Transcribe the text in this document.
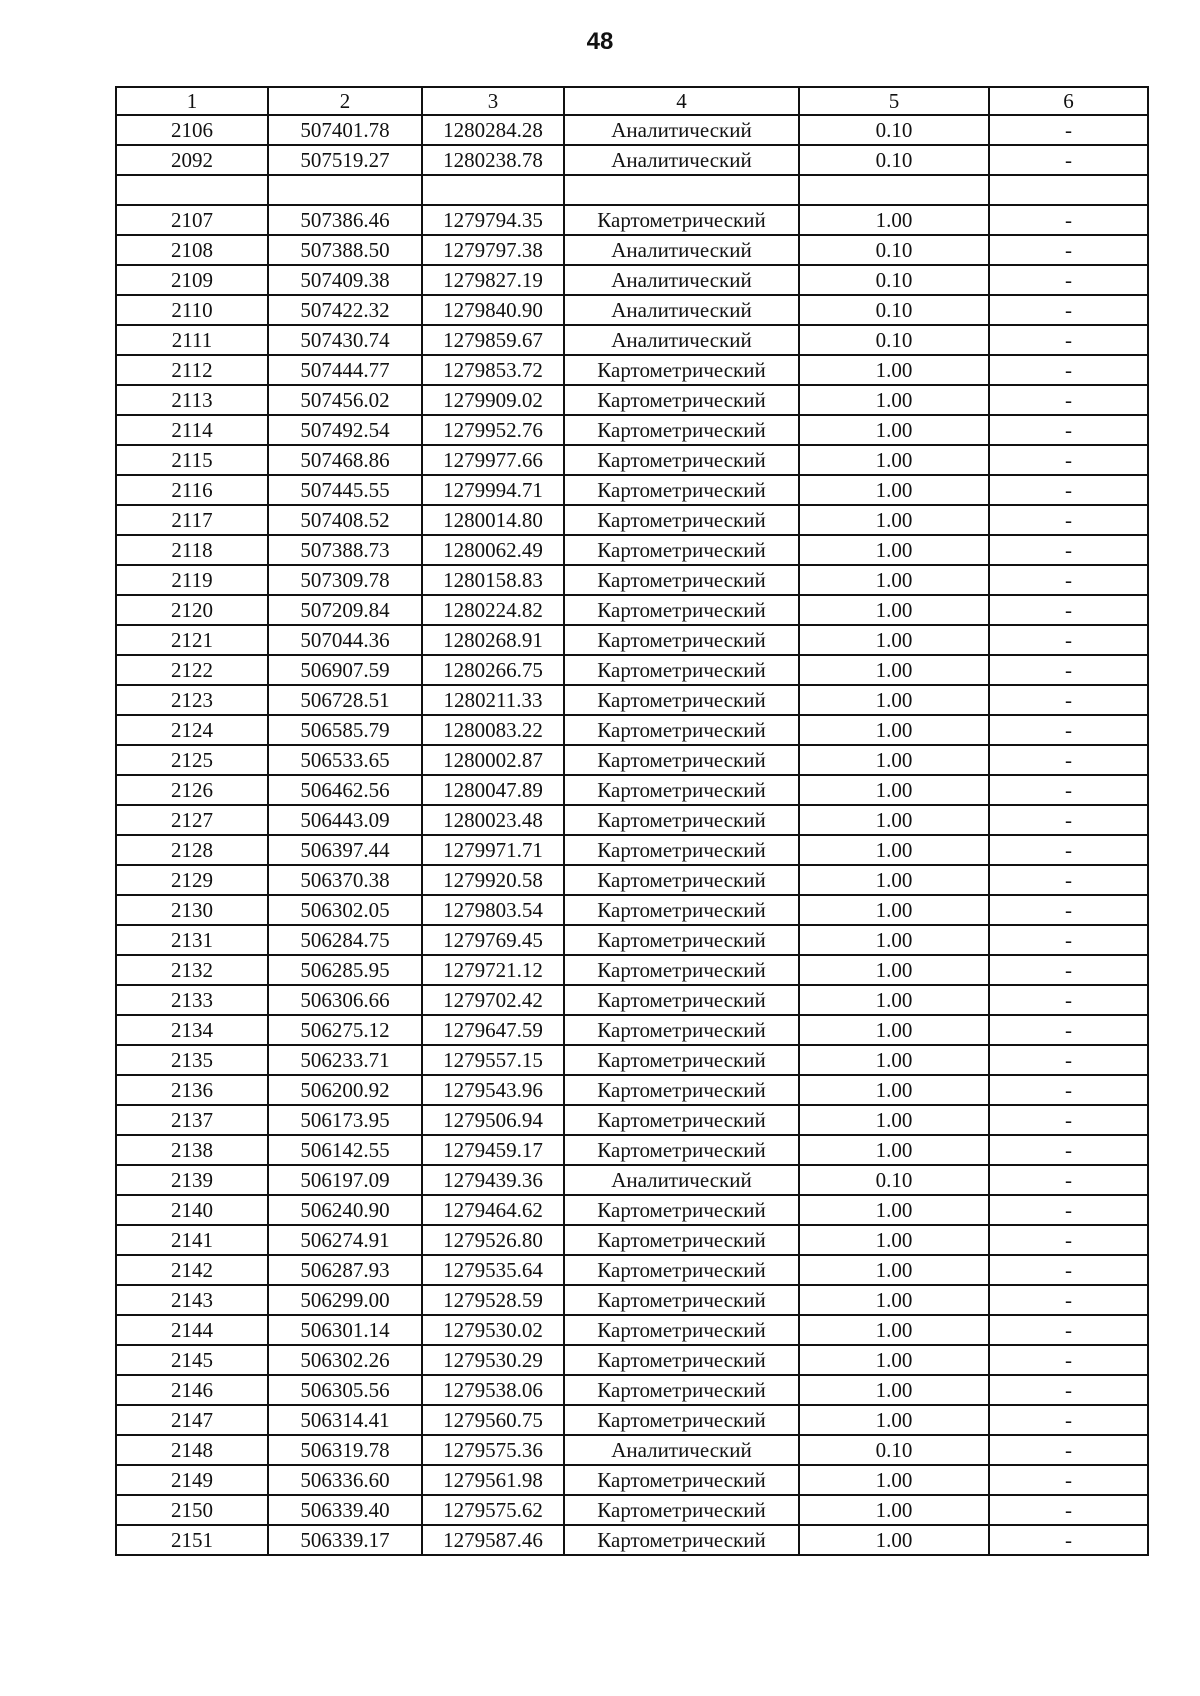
48
1	2	3	4	5	6
2106	507401.78	1280284.28	Аналитический	0.10	-
2092	507519.27	1280238.78	Аналитический	0.10	-

2107	507386.46	1279794.35	Картометрический	1.00	-
2108	507388.50	1279797.38	Аналитический	0.10	-
2109	507409.38	1279827.19	Аналитический	0.10	-
2110	507422.32	1279840.90	Аналитический	0.10	-
2111	507430.74	1279859.67	Аналитический	0.10	-
2112	507444.77	1279853.72	Картометрический	1.00	-
2113	507456.02	1279909.02	Картометрический	1.00	-
2114	507492.54	1279952.76	Картометрический	1.00	-
2115	507468.86	1279977.66	Картометрический	1.00	-
2116	507445.55	1279994.71	Картометрический	1.00	-
2117	507408.52	1280014.80	Картометрический	1.00	-
2118	507388.73	1280062.49	Картометрический	1.00	-
2119	507309.78	1280158.83	Картометрический	1.00	-
2120	507209.84	1280224.82	Картометрический	1.00	-
2121	507044.36	1280268.91	Картометрический	1.00	-
2122	506907.59	1280266.75	Картометрический	1.00	-
2123	506728.51	1280211.33	Картометрический	1.00	-
2124	506585.79	1280083.22	Картометрический	1.00	-
2125	506533.65	1280002.87	Картометрический	1.00	-
2126	506462.56	1280047.89	Картометрический	1.00	-
2127	506443.09	1280023.48	Картометрический	1.00	-
2128	506397.44	1279971.71	Картометрический	1.00	-
2129	506370.38	1279920.58	Картометрический	1.00	-
2130	506302.05	1279803.54	Картометрический	1.00	-
2131	506284.75	1279769.45	Картометрический	1.00	-
2132	506285.95	1279721.12	Картометрический	1.00	-
2133	506306.66	1279702.42	Картометрический	1.00	-
2134	506275.12	1279647.59	Картометрический	1.00	-
2135	506233.71	1279557.15	Картометрический	1.00	-
2136	506200.92	1279543.96	Картометрический	1.00	-
2137	506173.95	1279506.94	Картометрический	1.00	-
2138	506142.55	1279459.17	Картометрический	1.00	-
2139	506197.09	1279439.36	Аналитический	0.10	-
2140	506240.90	1279464.62	Картометрический	1.00	-
2141	506274.91	1279526.80	Картометрический	1.00	-
2142	506287.93	1279535.64	Картометрический	1.00	-
2143	506299.00	1279528.59	Картометрический	1.00	-
2144	506301.14	1279530.02	Картометрический	1.00	-
2145	506302.26	1279530.29	Картометрический	1.00	-
2146	506305.56	1279538.06	Картометрический	1.00	-
2147	506314.41	1279560.75	Картометрический	1.00	-
2148	506319.78	1279575.36	Аналитический	0.10	-
2149	506336.60	1279561.98	Картометрический	1.00	-
2150	506339.40	1279575.62	Картометрический	1.00	-
2151	506339.17	1279587.46	Картометрический	1.00	-
